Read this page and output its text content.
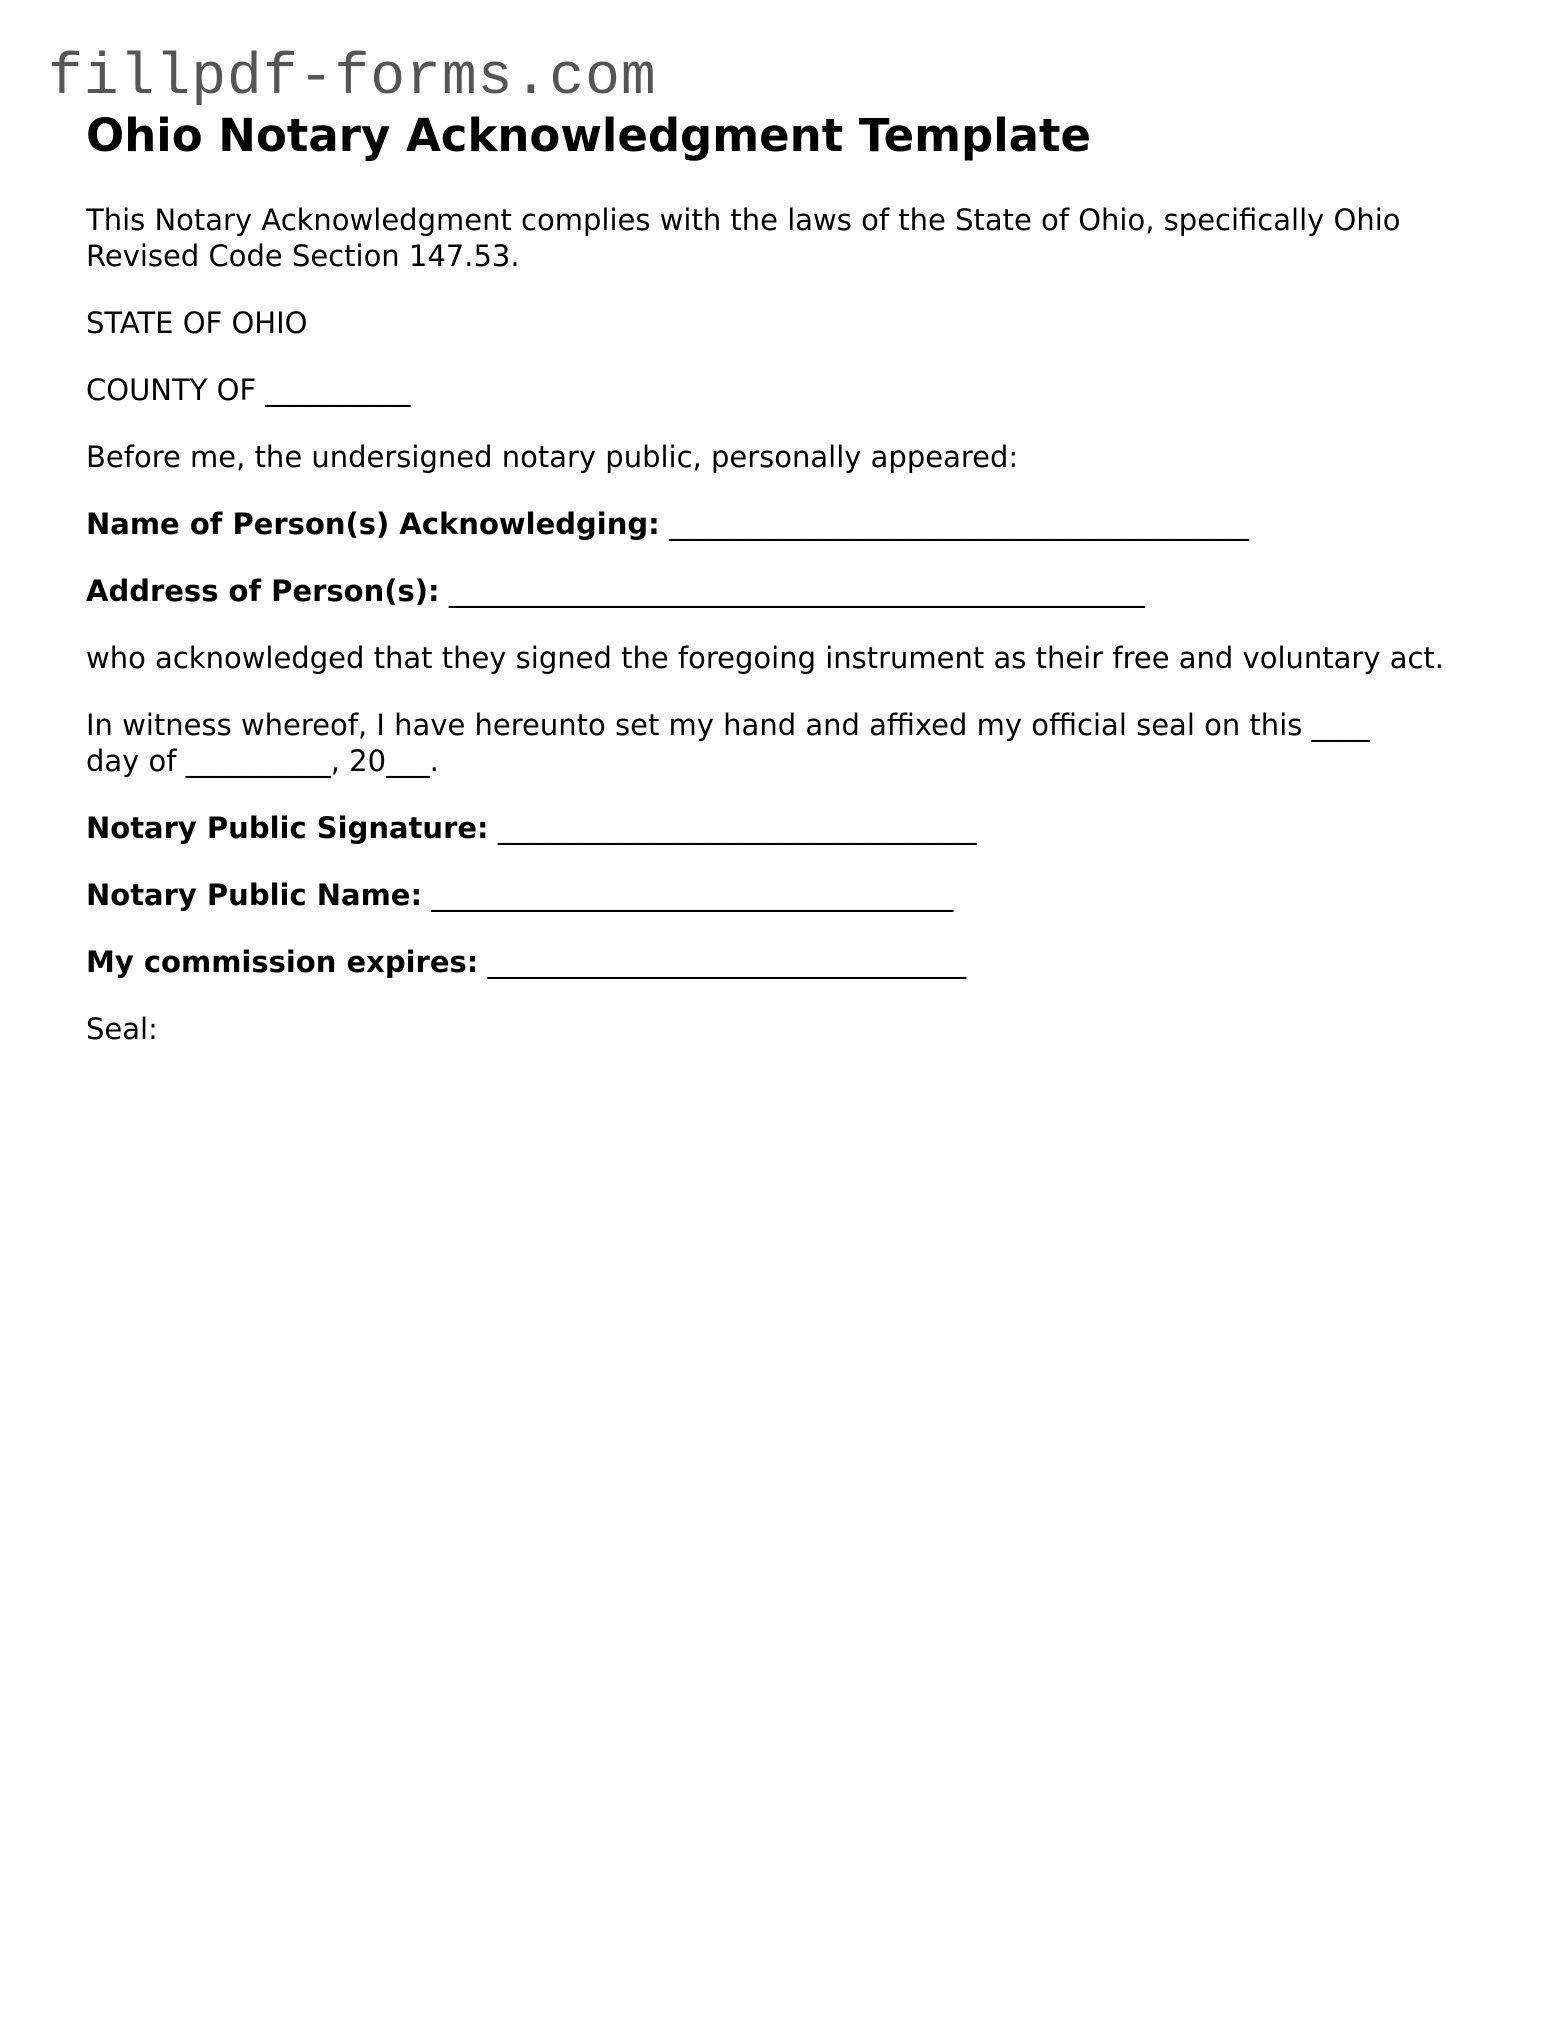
fillpdf-forms.com
Ohio Notary Acknowledgment Template

This Notary Acknowledgment complies with the laws of the State of Ohio, specifically Ohio Revised Code Section 147.53.

STATE OF OHIO

COUNTY OF __________

Before me, the undersigned notary public, personally appeared:

Name of Person(s) Acknowledging: ________________________________________

Address of Person(s): ________________________________________________

who acknowledged that they signed the foregoing instrument as their free and voluntary act.

In witness whereof, I have hereunto set my hand and affixed my official seal on this ____
day of __________, 20___.

Notary Public Signature: _________________________________

Notary Public Name: ____________________________________

My commission expires: _________________________________

Seal:
